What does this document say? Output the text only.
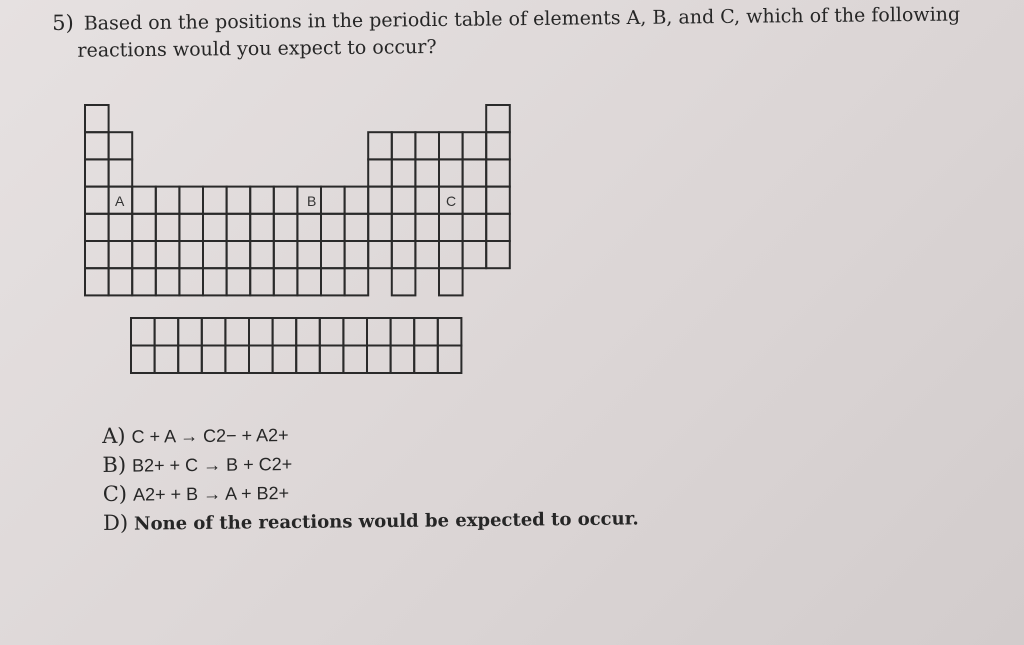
5) Based on the positions in the periodic table of elements A, B, and C, which of the following
reactions would you expect to occur?
A	B	C
A) C + A → C2− + A2+
B) B2+ + C → B + C2+
C) A2+ + B → A + B2+
D) None of the reactions would be expected to occur.
